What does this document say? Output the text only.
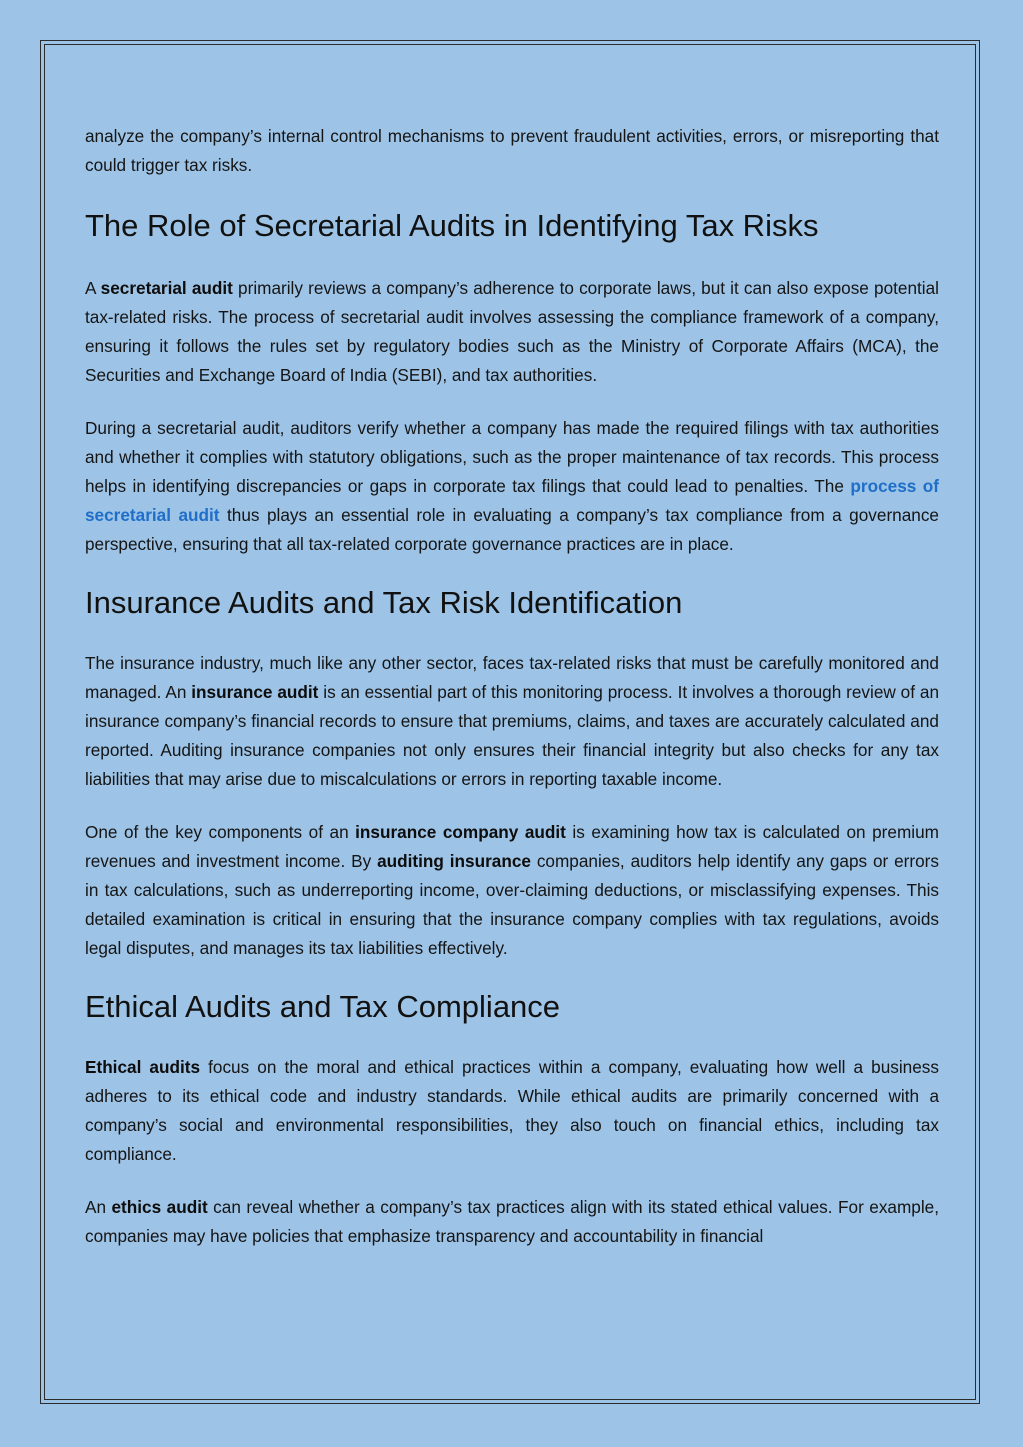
analyze the company’s internal control mechanisms to prevent fraudulent activities, errors, or misreporting that could trigger tax risks.

The Role of Secretarial Audits in Identifying Tax Risks

A secretarial audit primarily reviews a company’s adherence to corporate laws, but it can also expose potential tax-related risks. The process of secretarial audit involves assessing the compliance framework of a company, ensuring it follows the rules set by regulatory bodies such as the Ministry of Corporate Affairs (MCA), the Securities and Exchange Board of India (SEBI), and tax authorities.

During a secretarial audit, auditors verify whether a company has made the required filings with tax authorities and whether it complies with statutory obligations, such as the proper maintenance of tax records. This process helps in identifying discrepancies or gaps in corporate tax filings that could lead to penalties. The process of secretarial audit thus plays an essential role in evaluating a company’s tax compliance from a governance perspective, ensuring that all tax-related corporate governance practices are in place.

Insurance Audits and Tax Risk Identification

The insurance industry, much like any other sector, faces tax-related risks that must be carefully monitored and managed. An insurance audit is an essential part of this monitoring process. It involves a thorough review of an insurance company’s financial records to ensure that premiums, claims, and taxes are accurately calculated and reported. Auditing insurance companies not only ensures their financial integrity but also checks for any tax liabilities that may arise due to miscalculations or errors in reporting taxable income.

One of the key components of an insurance company audit is examining how tax is calculated on premium revenues and investment income. By auditing insurance companies, auditors help identify any gaps or errors in tax calculations, such as underreporting income, over-claiming deductions, or misclassifying expenses. This detailed examination is critical in ensuring that the insurance company complies with tax regulations, avoids legal disputes, and manages its tax liabilities effectively.

Ethical Audits and Tax Compliance

Ethical audits focus on the moral and ethical practices within a company, evaluating how well a business adheres to its ethical code and industry standards. While ethical audits are primarily concerned with a company’s social and environmental responsibilities, they also touch on financial ethics, including tax compliance.

An ethics audit can reveal whether a company’s tax practices align with its stated ethical values. For example, companies may have policies that emphasize transparency and accountability in financial
